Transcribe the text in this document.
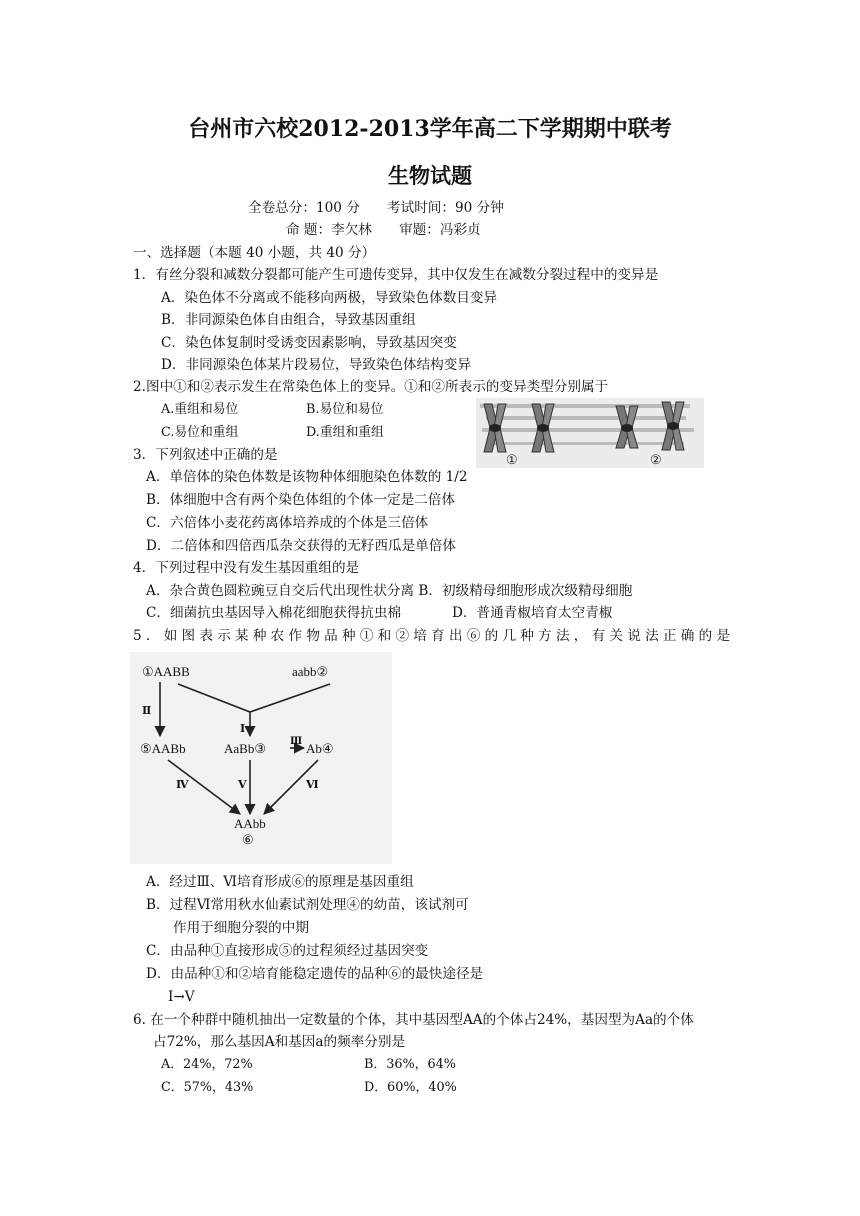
台州市六校2012-2013学年高二下学期期中联考
生物试题
全卷总分：100 分　　考试时间：90 分钟
命 题：李欠林　　审题：冯彩贞
一、选择题（本题 40 小题，共 40 分）
1．有丝分裂和减数分裂都可能产生可遗传变异，其中仅发生在减数分裂过程中的变异是
A．染色体不分离或不能移向两极，导致染色体数目变异
B．非同源染色体自由组合，导致基因重组
C．染色体复制时受诱变因素影响，导致基因突变
D．非同源染色体某片段易位，导致染色体结构变异
2.图中①和②表示发生在常染色体上的变异。①和②所表示的变异类型分别属于
A.重组和易位	B.易位和易位
C.易位和重组	D.重组和重组
①	②
3．下列叙述中正确的是
A．单倍体的染色体数是该物种体细胞染色体数的 1/2
B．体细胞中含有两个染色体组的个体一定是二倍体
C．六倍体小麦花药离体培养成的个体是三倍体
D．二倍体和四倍西瓜杂交获得的无籽西瓜是单倍体
4．下列过程中没有发生基因重组的是
A．杂合黄色圆粒豌豆自交后代出现性状分离 B．初级精母细胞形成次级精母细胞
C．细菌抗虫基因导入棉花细胞获得抗虫棉	D．普通青椒培育太空青椒
5．如图表示某种农作物品种①和②培育出⑥的几种方法，有关说法正确的是
①AABB	aabb②
⑤AABb	AaBb③	Ab④
AAbb
⑥
Ⅱ
Ⅰ
Ⅲ
Ⅳ	Ⅴ	Ⅵ
A．经过Ⅲ、Ⅵ培育形成⑥的原理是基因重组
B．过程Ⅵ常用秋水仙素试剂处理④的幼苗，该试剂可
作用于细胞分裂的中期
C．由品种①直接形成⑤的过程须经过基因突变
D．由品种①和②培育能稳定遗传的品种⑥的最快途径是
I→V
6. 在一个种群中随机抽出一定数量的个体，其中基因型AA的个体占24%，基因型为Aa的个体
占72%，那么基因A和基因a的频率分别是
A．24%，72%	B．36%，64%
C．57%，43%	D．60%，40%
